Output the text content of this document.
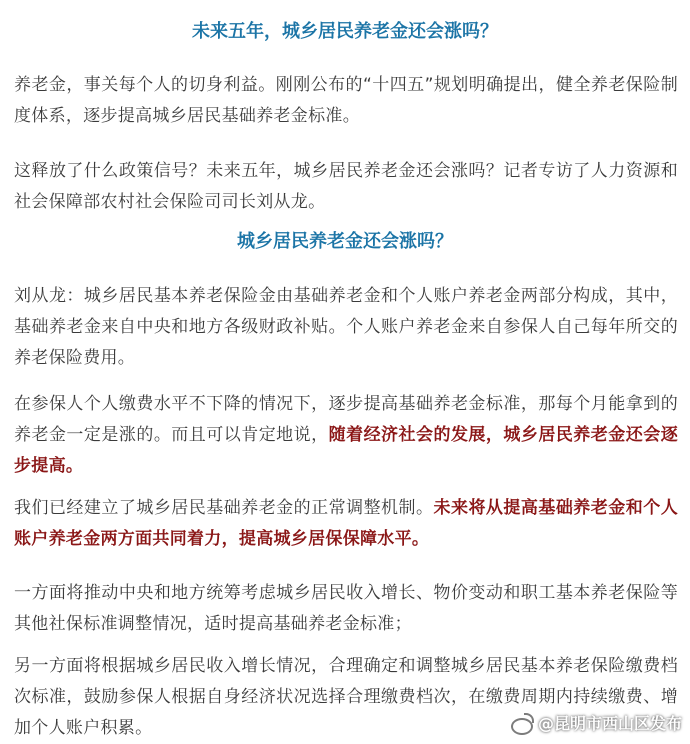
未来五年，城乡居民养老金还会涨吗？

养老金，事关每个人的切身利益。刚刚公布的“十四五”规划明确提出，健全养老保险制度体系，逐步提高城乡居民基础养老金标准。

这释放了什么政策信号？未来五年，城乡居民养老金还会涨吗？记者专访了人力资源和社会保障部农村社会保险司司长刘从龙。

城乡居民养老金还会涨吗？

刘从龙：城乡居民基本养老保险金由基础养老金和个人账户养老金两部分构成，其中，基础养老金来自中央和地方各级财政补贴。个人账户养老金来自参保人自己每年所交的养老保险费用。

在参保人个人缴费水平不下降的情况下，逐步提高基础养老金标准，那每个月能拿到的养老金一定是涨的。而且可以肯定地说，随着经济社会的发展，城乡居民养老金还会逐步提高。

我们已经建立了城乡居民基础养老金的正常调整机制。未来将从提高基础养老金和个人账户养老金两方面共同着力，提高城乡居保保障水平。

一方面将推动中央和地方统筹考虑城乡居民收入增长、物价变动和职工基本养老保险等其他社保标准调整情况，适时提高基础养老金标准；

另一方面将根据城乡居民收入增长情况，合理确定和调整城乡居民基本养老保险缴费档次标准，鼓励参保人根据自身经济状况选择合理缴费档次，在缴费周期内持续缴费、增加个人账户积累。	@昆明市西山区发布
